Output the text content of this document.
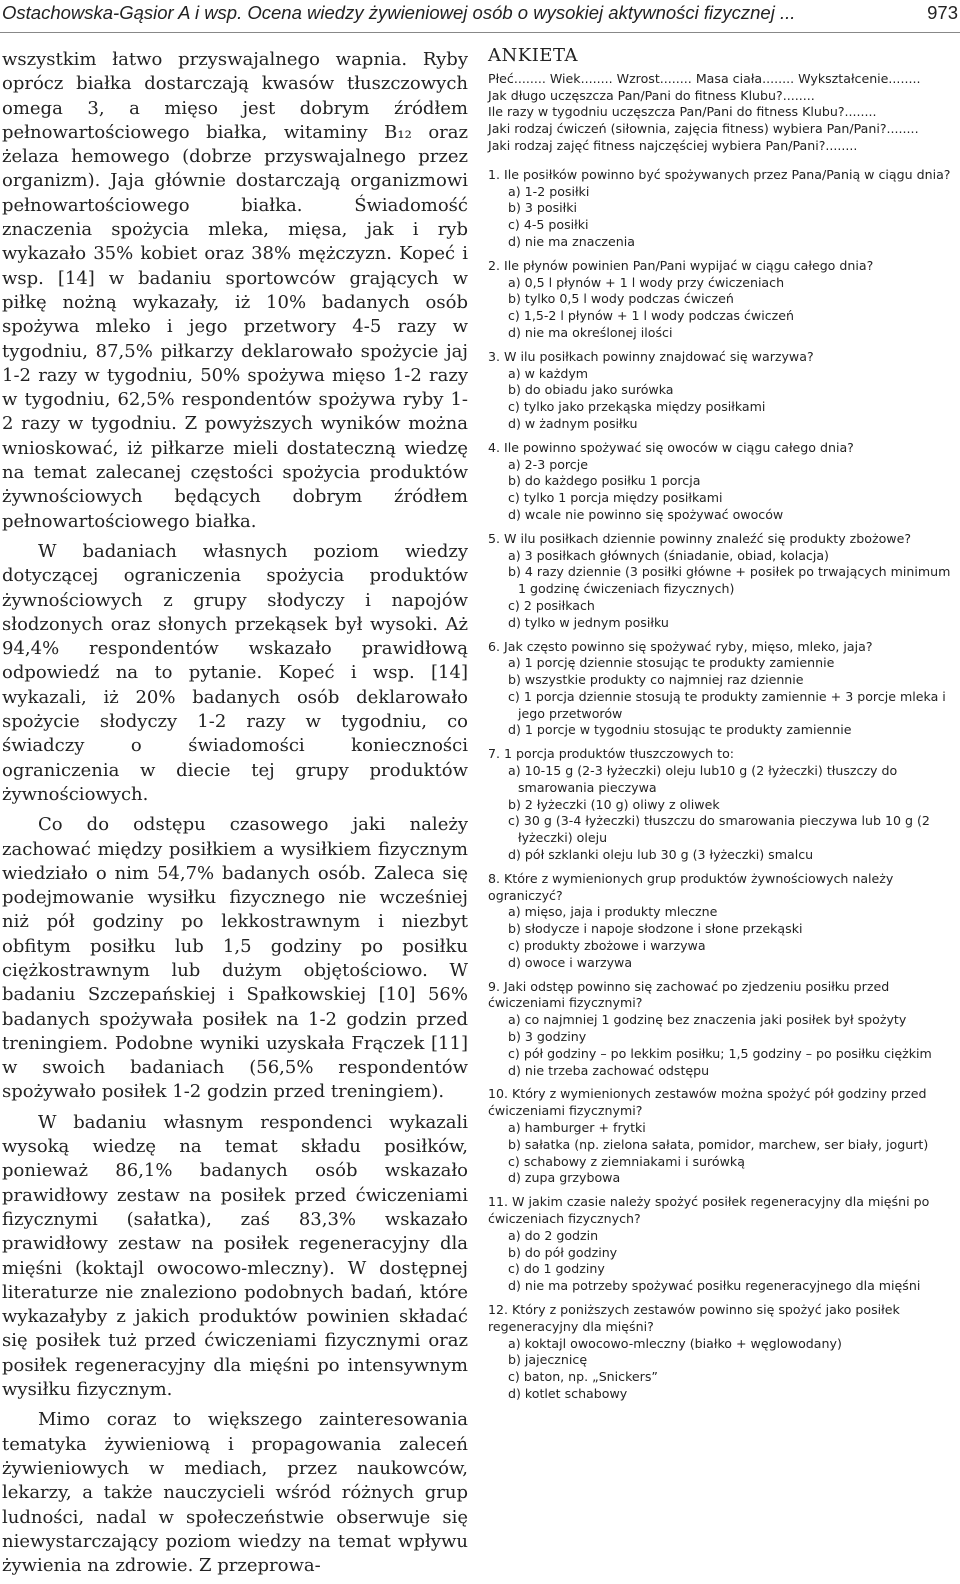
Ostachowska-Gąsior A i wsp. Ocena wiedzy żywieniowej osób o wysokiej aktywności fizycznej ...	973

wszystkim łatwo przyswajalnego wapnia. Ryby oprócz białka dostarczają kwasów tłuszczowych omega 3, a mięso jest dobrym źródłem pełnowartościowego białka, witaminy B₁₂ oraz żelaza hemowego (dobrze przyswajalnego przez organizm). Jaja głównie dostarczają organizmowi pełnowartościowego białka. Świadomość znaczenia spożycia mleka, mięsa, jak i ryb wykazało 35% kobiet oraz 38% mężczyzn. Kopeć i wsp. [14] w badaniu sportowców grających w piłkę nożną wykazały, iż 10% badanych osób spożywa mleko i jego przetwory 4-5 razy w tygodniu, 87,5% piłkarzy deklarowało spożycie jaj 1-2 razy w tygodniu, 50% spożywa mięso 1-2 razy w tygodniu, 62,5% respondentów spożywa ryby 1-2 razy w tygodniu. Z powyższych wyników można wnioskować, iż piłkarze mieli dostateczną wiedzę na temat zalecanej częstości spożycia produktów żywnościowych będących dobrym źródłem pełnowartościowego białka.

W badaniach własnych poziom wiedzy dotyczącej ograniczenia spożycia produktów żywnościowych z grupy słodyczy i napojów słodzonych oraz słonych przekąsek był wysoki. Aż 94,4% respondentów wskazało prawidłową odpowiedź na to pytanie. Kopeć i wsp. [14] wykazali, iż 20% badanych osób deklarowało spożycie słodyczy 1-2 razy w tygodniu, co świadczy o świadomości konieczności ograniczenia w diecie tej grupy produktów żywnościowych.

Co do odstępu czasowego jaki należy zachować między posiłkiem a wysiłkiem fizycznym wiedziało o nim 54,7% badanych osób. Zaleca się podejmowanie wysiłku fizycznego nie wcześniej niż pół godziny po lekkostrawnym i niezbyt obfitym posiłku lub 1,5 godziny po posiłku ciężkostrawnym lub dużym objętościowo. W badaniu Szczepańskiej i Spałkowskiej [10] 56% badanych spożywała posiłek na 1-2 godzin przed treningiem. Podobne wyniki uzyskała Frączek [11] w swoich badaniach (56,5% respondentów spożywało posiłek 1-2 godzin przed treningiem).

W badaniu własnym respondenci wykazali wysoką wiedzę na temat składu posiłków, ponieważ 86,1% badanych osób wskazało prawidłowy zestaw na posiłek przed ćwiczeniami fizycznymi (sałatka), zaś 83,3% wskazało prawidłowy zestaw na posiłek regeneracyjny dla mięśni (koktajl owocowo-mleczny). W dostępnej literaturze nie znaleziono podobnych badań, które wykazałyby z jakich produktów powinien składać się posiłek tuż przed ćwiczeniami fizycznymi oraz posiłek regeneracyjny dla mięśni po intensywnym wysiłku fizycznym.

Mimo coraz to większego zainteresowania tematyka żywieniową i propagowania zaleceń żywieniowych w mediach, przez naukowców, lekarzy, a także nauczycieli wśród różnych grup ludności, nadal w społeczeństwie obserwuje się niewystarczający poziom wiedzy na temat wpływu żywienia na zdrowie. Z przeprowa-

ANKIETA
Płeć........ Wiek........ Wzrost........ Masa ciała........ Wykształcenie........
Jak długo uczęszcza Pan/Pani do fitness Klubu?........
Ile razy w tygodniu uczęszcza Pan/Pani do fitness Klubu?........
Jaki rodzaj ćwiczeń (siłownia, zajęcia fitness) wybiera Pan/Pani?........
Jaki rodzaj zajęć fitness najczęściej wybiera Pan/Pani?........
1. Ile posiłków powinno być spożywanych przez Pana/Panią w ciągu dnia?
a) 1-2 posiłki
b) 3 posiłki
c) 4-5 posiłki
d) nie ma znaczenia
2. Ile płynów powinien Pan/Pani wypijać w ciągu całego dnia?
a) 0,5 l płynów + 1 l wody przy ćwiczeniach
b) tylko 0,5 l wody podczas ćwiczeń
c) 1,5-2 l płynów + 1 l wody podczas ćwiczeń
d) nie ma określonej ilości
3. W ilu posiłkach powinny znajdować się warzywa?
a) w każdym
b) do obiadu jako surówka
c) tylko jako przekąska między posiłkami
d) w żadnym posiłku
4. Ile powinno spożywać się owoców w ciągu całego dnia?
a) 2-3 porcje
b) do każdego posiłku 1 porcja
c) tylko 1 porcja między posiłkami
d) wcale nie powinno się spożywać owoców
5. W ilu posiłkach dziennie powinny znaleźć się produkty zbożowe?
a) 3 posiłkach głównych (śniadanie, obiad, kolacja)
b) 4 razy dziennie (3 posiłki główne + posiłek po trwających minimum 1 godzinę ćwiczeniach fizycznych)
c) 2 posiłkach
d) tylko w jednym posiłku
6. Jak często powinno się spożywać ryby, mięso, mleko, jaja?
a) 1 porcję dziennie stosując te produkty zamiennie
b) wszystkie produkty co najmniej raz dziennie
c) 1 porcja dziennie stosują te produkty zamiennie + 3 porcje mleka i jego przetworów
d) 1 porcje w tygodniu stosując te produkty zamiennie
7. 1 porcja produktów tłuszczowych to:
a) 10-15 g (2-3 łyżeczki) oleju lub10 g (2 łyżeczki) tłuszczy do smarowania pieczywa
b) 2 łyżeczki (10 g) oliwy z oliwek
c) 30 g (3-4 łyżeczki) tłuszczu do smarowania pieczywa lub 10 g (2 łyżeczki) oleju
d) pół szklanki oleju lub 30 g (3 łyżeczki) smalcu
8. Które z wymienionych grup produktów żywnościowych należy ograniczyć?
a) mięso, jaja i produkty mleczne
b) słodycze i napoje słodzone i słone przekąski
c) produkty zbożowe i warzywa
d) owoce i warzywa
9. Jaki odstęp powinno się zachować po zjedzeniu posiłku przed ćwiczeniami fizycznymi?
a) co najmniej 1 godzinę bez znaczenia jaki posiłek był spożyty
b) 3 godziny
c) pół godziny – po lekkim posiłku; 1,5 godziny – po posiłku ciężkim
d) nie trzeba zachować odstępu
10. Który z wymienionych zestawów można spożyć pół godziny przed ćwiczeniami fizycznymi?
a) hamburger + frytki
b) sałatka (np. zielona sałata, pomidor, marchew, ser biały, jogurt)
c) schabowy z ziemniakami i surówką
d) zupa grzybowa
11. W jakim czasie należy spożyć posiłek regeneracyjny dla mięśni po ćwiczeniach fizycznych?
a) do 2 godzin
b) do pół godziny
c) do 1 godziny
d) nie ma potrzeby spożywać posiłku regeneracyjnego dla mięśni
12. Który z poniższych zestawów powinno się spożyć jako posiłek regeneracyjny dla mięśni?
a) koktajl owocowo-mleczny (białko + węglowodany)
b) jajecznicę
c) baton, np. „Snickers”
d) kotlet schabowy
